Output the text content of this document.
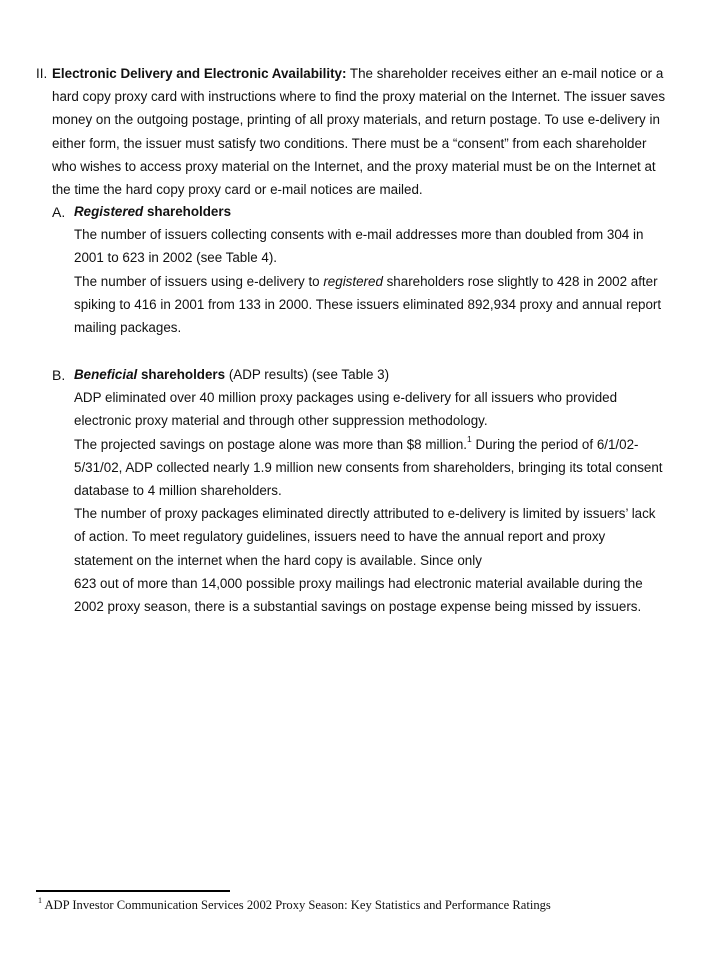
II. Electronic Delivery and Electronic Availability: The shareholder receives either an e-mail notice or a hard copy proxy card with instructions where to find the proxy material on the Internet. The issuer saves money on the outgoing postage, printing of all proxy materials, and return postage. To use e-delivery in either form, the issuer must satisfy two conditions. There must be a “consent” from each shareholder who wishes to access proxy material on the Internet, and the proxy material must be on the Internet at the time the hard copy proxy card or e-mail notices are mailed.
A. Registered shareholders

The number of issuers collecting consents with e-mail addresses more than doubled from 304 in 2001 to 623 in 2002 (see Table 4).

The number of issuers using e-delivery to registered shareholders rose slightly to 428 in 2002 after spiking to 416 in 2001 from 133 in 2000. These issuers eliminated 892,934 proxy and annual report mailing packages.

B. Beneficial shareholders (ADP results) (see Table 3)

ADP eliminated over 40 million proxy packages using e-delivery for all issuers who provided electronic proxy material and through other suppression methodology.

The projected savings on postage alone was more than $8 million.$^1$ During the period of 6/1/02-5/31/02, ADP collected nearly 1.9 million new consents from shareholders, bringing its total consent database to 4 million shareholders.

The number of proxy packages eliminated directly attributed to e-delivery is limited by issuers’ lack of action. To meet regulatory guidelines, issuers need to have the annual report and proxy statement on the internet when the hard copy is available. Since only

623 out of more than 14,000 possible proxy mailings had electronic material available during the 2002 proxy season, there is a substantial savings on postage expense being missed by issuers.

$^1$ ADP Investor Communication Services 2002 Proxy Season: Key Statistics and Performance Ratings
